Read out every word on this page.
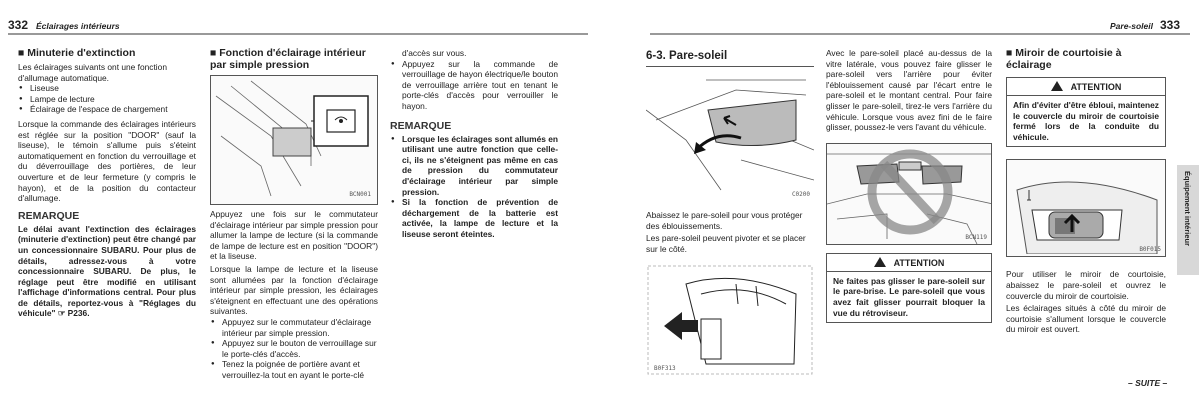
332 Éclairages intérieurs	Pare-soleil 333
■ Minuterie d'extinction
Les éclairages suivants ont une fonction d'allumage automatique.
● Liseuse
● Lampe de lecture
● Éclairage de l'espace de chargement
Lorsque la commande des éclairages intérieurs est réglée sur la position "DOOR" (sauf la liseuse), le témoin s'allume puis s'éteint automatiquement en fonction du verrouillage et du déverrouillage des portières, de leur ouverture et de leur fermeture (y compris le hayon), et de la position du contacteur d'allumage.
REMARQUE
Le délai avant l'extinction des éclairages (minuterie d'extinction) peut être changé par un concessionnaire SUBARU. Pour plus de détails, adressez-vous à votre concessionnaire SUBARU. De plus, le réglage peut être modifié en utilisant l'affichage d'informations central. Pour plus de détails, reportez-vous à "Réglages du véhicule" ☞ P236.
■ Fonction d'éclairage intérieur par simple pression
BCN001
Appuyez une fois sur le commutateur d'éclairage intérieur par simple pression pour allumer la lampe de lecture (si la commande de lampe de lecture est en position "DOOR") et la liseuse.
Lorsque la lampe de lecture et la liseuse sont allumées par la fonction d'éclairage intérieur par simple pression, les éclairages s'éteignent en effectuant une des opérations suivantes.
● Appuyez sur le commutateur d'éclairage intérieur par simple pression.
● Appuyez sur le bouton de verrouillage sur le porte-clés d'accès.
● Tenez la poignée de portière avant et verrouillez-la tout en ayant le porte-clé
d'accès sur vous.
● Appuyez sur la commande de verrouillage de hayon électrique/le bouton de verrouillage arrière tout en tenant le porte-clés d'accès pour verrouiller le hayon.
REMARQUE
● Lorsque les éclairages sont allumés en utilisant une autre fonction que celle-ci, ils ne s'éteignent pas même en cas de pression du commutateur d'éclairage intérieur par simple pression.
● Si la fonction de prévention de déchargement de la batterie est activée, la lampe de lecture et la liseuse seront éteintes.
6-3. Pare-soleil
C0200
Abaissez le pare-soleil pour vous protéger des éblouissements.
Les pare-soleil peuvent pivoter et se placer sur le côté.
B0F313
Avec le pare-soleil placé au-dessus de la vitre latérale, vous pouvez faire glisser le pare-soleil vers l'arrière pour éviter l'éblouissement causé par l'écart entre le pare-soleil et le montant central. Pour faire glisser le pare-soleil, tirez-le vers l'arrière du véhicule. Lorsque vous avez fini de le faire glisser, poussez-le vers l'avant du véhicule.
BCN119
ATTENTION
Ne faites pas glisser le pare-soleil sur le pare-brise. Le pare-soleil que vous avez fait glisser pourrait bloquer la vue du rétroviseur.
■ Miroir de courtoisie à éclairage
ATTENTION
Afin d'éviter d'être ébloui, maintenez le couvercle du miroir de courtoisie fermé lors de la conduite du véhicule.
B0F015
Pour utiliser le miroir de courtoisie, abaissez le pare-soleil et ouvrez le couvercle du miroir de courtoisie.
Les éclairages situés à côté du miroir de courtoisie s'allument lorsque le couvercle du miroir est ouvert.
Équipement intérieur
– SUITE –
